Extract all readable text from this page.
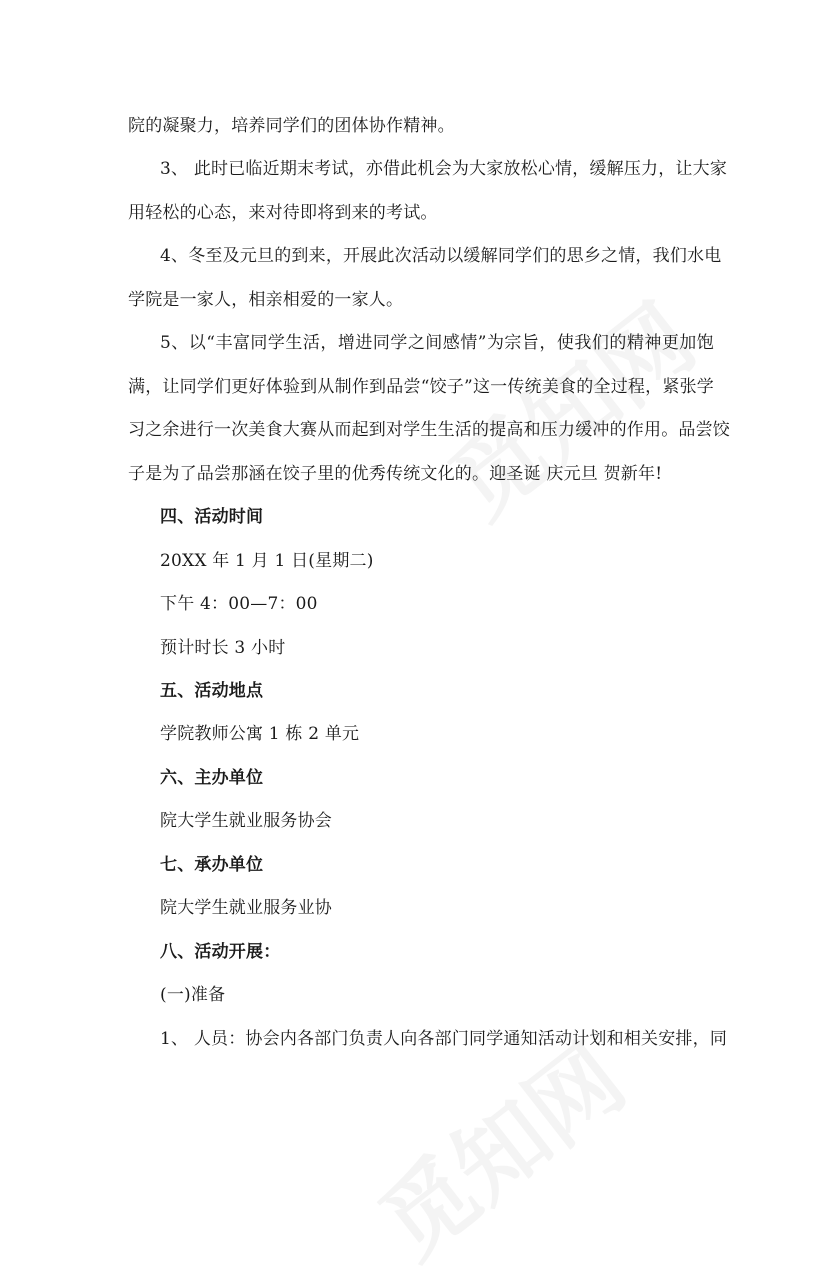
院的凝聚力，培养同学们的团体协作精神。
3、 此时已临近期末考试，亦借此机会为大家放松心情，缓解压力，让大家
用轻松的心态，来对待即将到来的考试。
4、冬至及元旦的到来，开展此次活动以缓解同学们的思乡之情，我们水电
学院是一家人，相亲相爱的一家人。
5、以“丰富同学生活，增进同学之间感情”为宗旨，使我们的精神更加饱
满，让同学们更好体验到从制作到品尝“饺子”这一传统美食的全过程，紧张学
习之余进行一次美食大赛从而起到对学生生活的提高和压力缓冲的作用。品尝饺
子是为了品尝那涵在饺子里的优秀传统文化的。迎圣诞 庆元旦 贺新年!
四、活动时间
20XX 年 1 月 1 日(星期二)
下午 4：00—7：00
预计时长 3 小时
五、活动地点
学院教师公寓 1 栋 2 单元
六、主办单位
院大学生就业服务协会
七、承办单位
院大学生就业服务业协
八、活动开展：
(一)准备
1、 人员：协会内各部门负责人向各部门同学通知活动计划和相关安排，同
